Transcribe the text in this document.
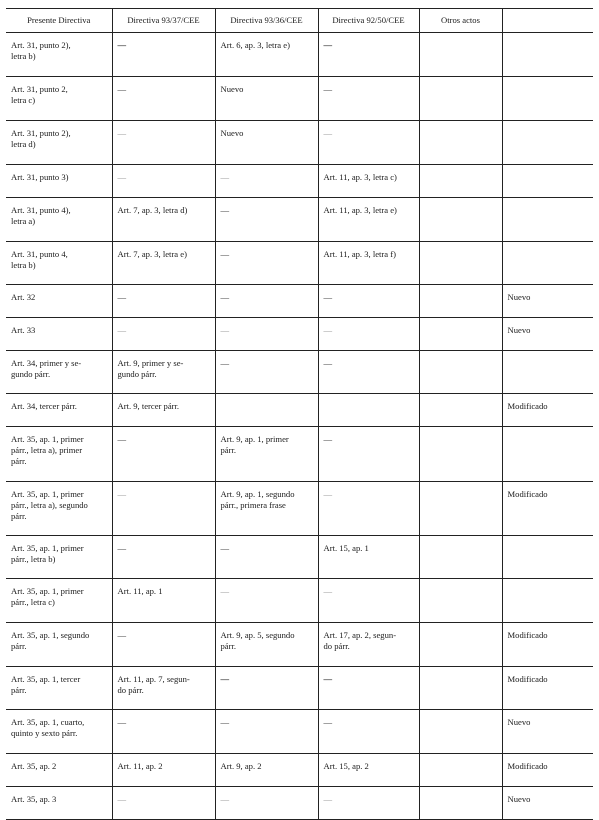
Presente Directiva	Directiva 93/37/CEE	Directiva 93/36/CEE	Directiva 92/50/CEE	Otros actos	

Art. 31, punto 2),
letra b)	—	Art. 6, ap. 3, letra e)	—		

Art. 31, punto 2,
letra c)	—	Nuevo	—		

Art. 31, punto 2),
letra d)	—	Nuevo	—		

Art. 31, punto 3)	—	—	Art. 11, ap. 3, letra c)		

Art. 31, punto 4),
letra a)	Art. 7, ap. 3, letra d)	—	Art. 11, ap. 3, letra e)		

Art. 31, punto 4,
letra b)	Art. 7, ap. 3, letra e)	—	Art. 11, ap. 3, letra f)		

Art. 32	—	—	—		Nuevo

Art. 33	—	—	—		Nuevo

Art. 34, primer y se-
gundo párr.	Art. 9, primer y se-
gundo párr.	—	—		

Art. 34, tercer párr.	Art. 9, tercer párr.				Modificado

Art. 35, ap. 1, primer
párr., letra a), primer
párr.	—	Art. 9, ap. 1, primer
párr.	—		

Art. 35, ap. 1, primer
párr., letra a), segundo
párr.	—	Art. 9, ap. 1, segundo
párr., primera frase	—		Modificado

Art. 35, ap. 1, primer
párr., letra b)	—	—	Art. 15, ap. 1		

Art. 35, ap. 1, primer
párr., letra c)	Art. 11, ap. 1	—	—		

Art. 35, ap. 1, segundo
párr.	—	Art. 9, ap. 5, segundo
párr.	Art. 17, ap. 2, segun-
do párr.		Modificado

Art. 35, ap. 1, tercer
párr.	Art. 11, ap. 7, segun-
do párr.	—	—		Modificado

Art. 35, ap. 1, cuarto,
quinto y sexto párr.	—	—	—		Nuevo

Art. 35, ap. 2	Art. 11, ap. 2	Art. 9, ap. 2	Art. 15, ap. 2		Modificado

Art. 35, ap. 3	—	—	—		Nuevo
